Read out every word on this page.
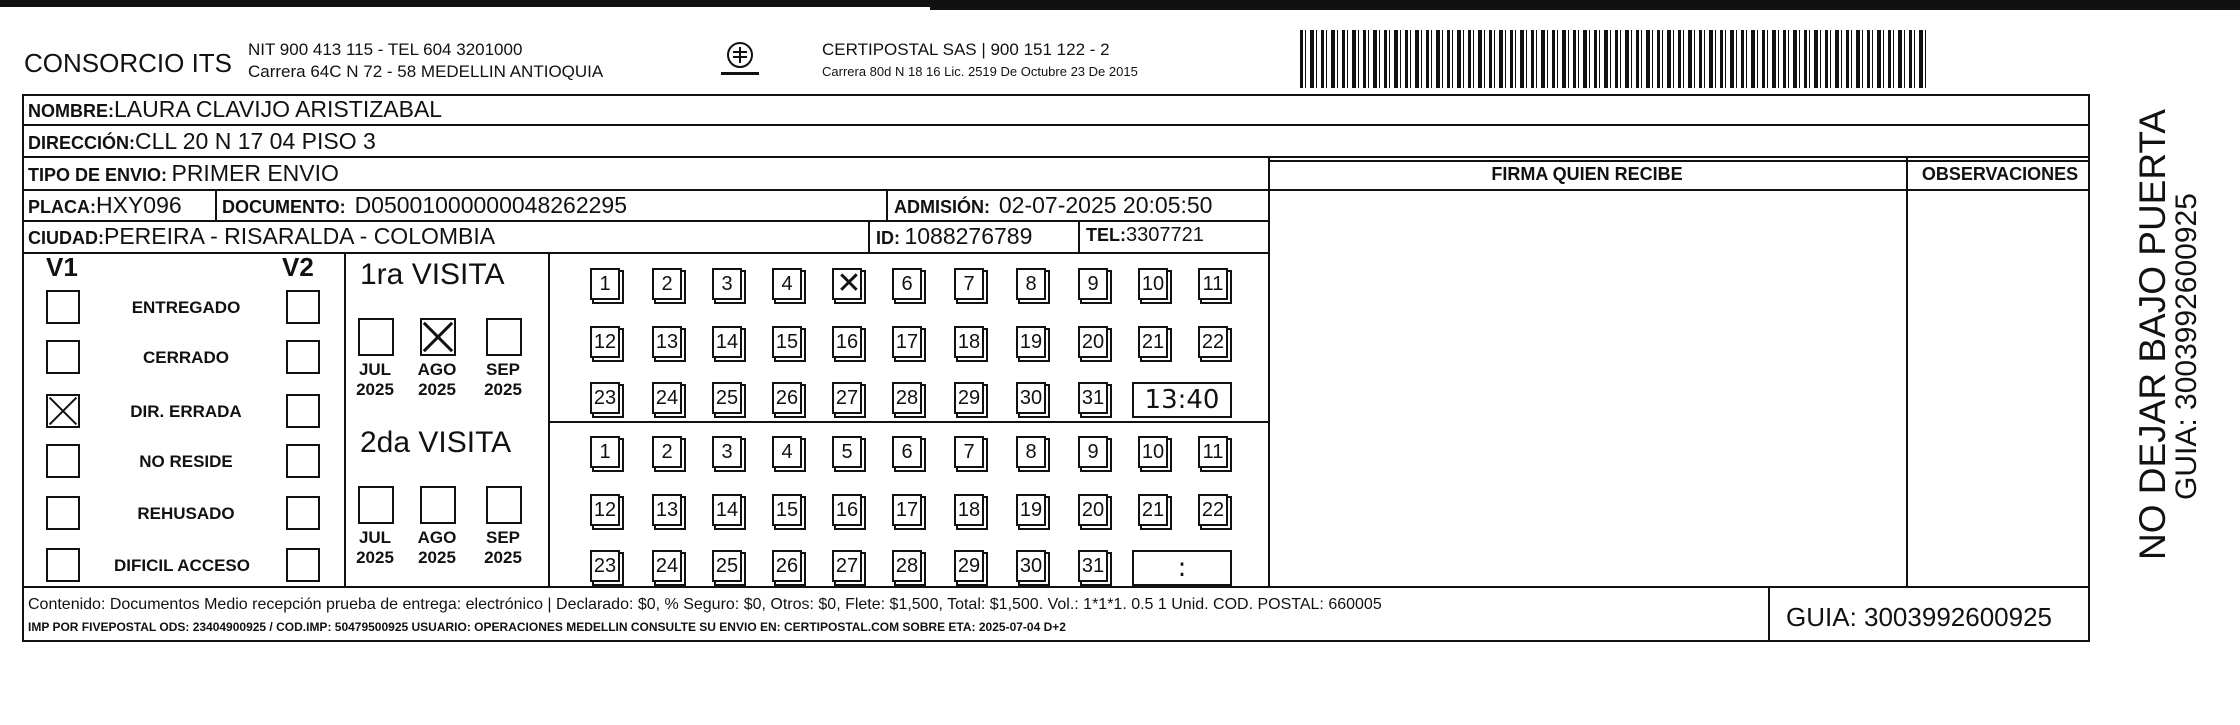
CONSORCIO ITS NIT 900 413 115 - TEL 604 3201000
Carrera 64C N 72 - 58 MEDELLIN ANTIOQUIA
CERTIPOSTAL SAS | 900 151 122 - 2
Carrera 80d N 18 16 Lic. 2519 De Octubre 23 De 2015
NOMBRE:LAURA CLAVIJO ARISTIZABAL
DIRECCIÓN:CLL 20 N 17 04 PISO 3
TIPO DE ENVIO: PRIMER ENVIO
PLACA:HXY096 DOCUMENTO: D05001000000048262295	ADMISIÓN: 02-07-2025 20:05:50
CIUDAD:PEREIRA - RISARALDA - COLOMBIA	ID: 1088276789	TEL:3307721
FIRMA QUIEN RECIBE	OBSERVACIONES
V1	V2
ENTREGADO
CERRADO
DIR. ERRADA
NO RESIDE
REHUSADO
DIFICIL ACCESO
1ra VISITA
JUL
2025
AGO
2025
SEP
2025
1	2	3	4
✕	6	7	8	9	10 11
12 13 14 15 16 17 18 19 20 21 22
23 24 25 26 27 28 29 30 31	13:40
2da VISITA
JUL
2025
AGO
2025
SEP
2025
1	2	3	4	5	6	7	8	9	10 11
12 13 14 15 16 17 18 19 20 21 22
23 24 25 26 27 28 29 30 31	:
Contenido: Documentos Medio recepción prueba de entrega: electrónico | Declarado: $0, % Seguro: $0, Otros: $0, Flete: $1,500, Total: $1,500. Vol.: 1*1*1. 0.5 1 Unid. COD. POSTAL: 660005
IMP POR FIVEPOSTAL ODS: 23404900925 / COD.IMP: 50479500925 USUARIO: OPERACIONES MEDELLIN CONSULTE SU ENVIO EN: CERTIPOSTAL.COM SOBRE ETA: 2025-07-04 D+2	GUIA: 3003992600925
NO DEJAR BAJO PUERTA
GUIA: 3003992600925
